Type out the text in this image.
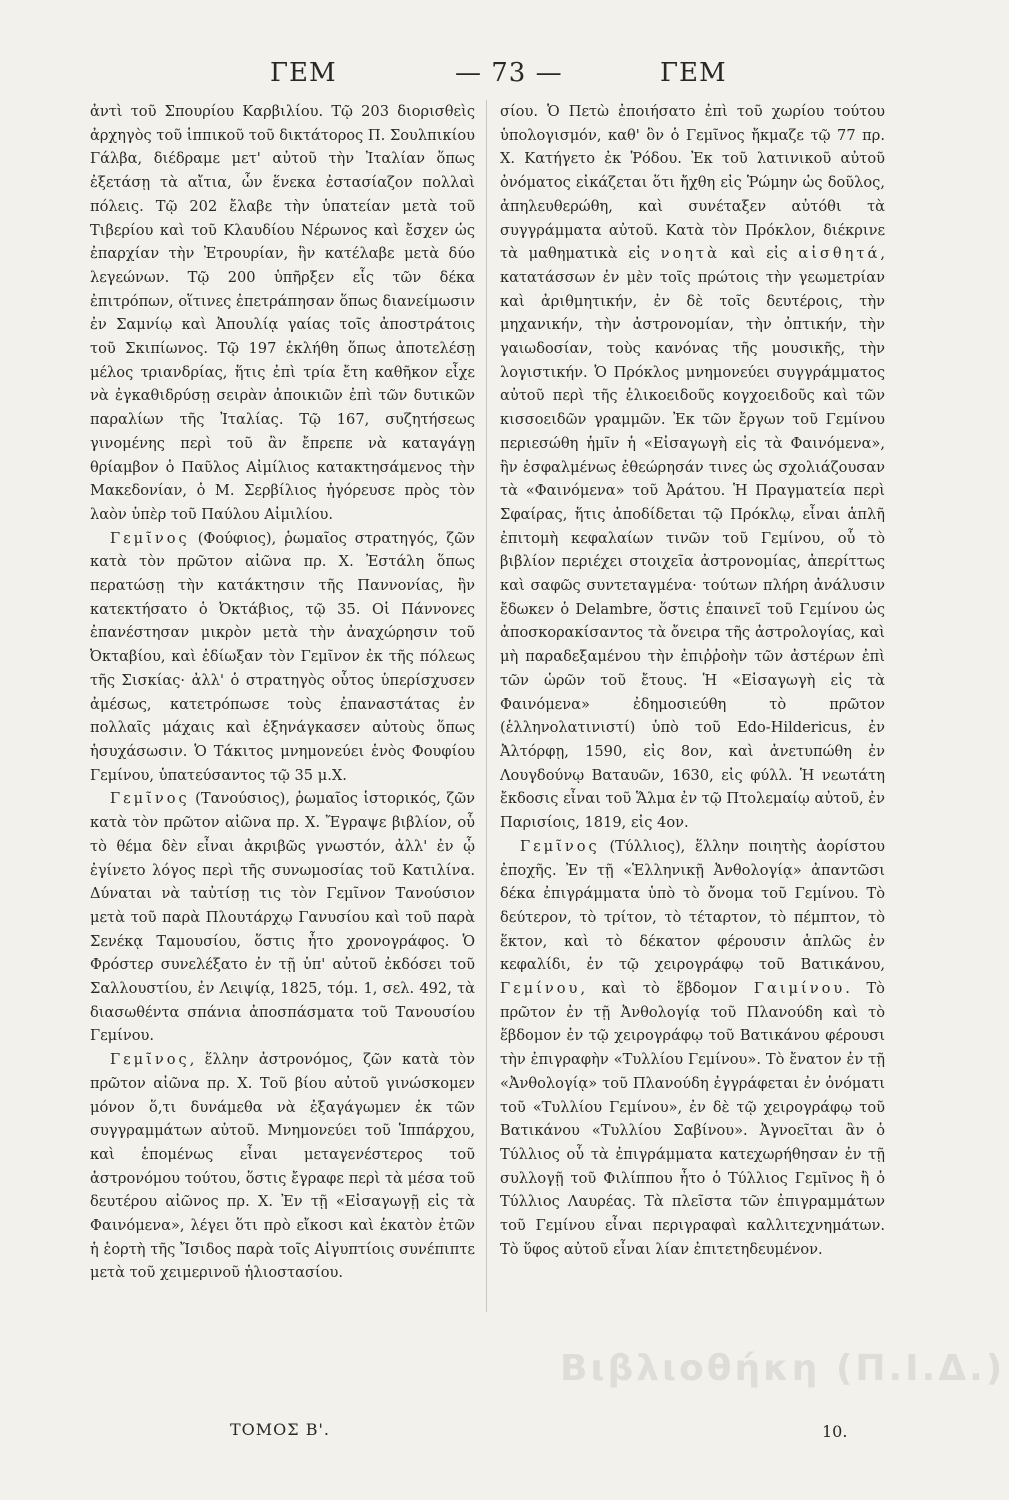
ΓΕΜ	— 73 —	ΓΕΜ

ἀντὶ τοῦ Σπουρίου Καρβιλίου. Τῷ 203 διορισθεὶς ἀρχηγὸς τοῦ ἱππικοῦ τοῦ δικτάτορος Π. Σουλπικίου Γάλβα, διέδραμε μετ' αὐτοῦ τὴν Ἰταλίαν ὅπως ἐξετάσῃ τὰ αἴτια, ὧν ἕνεκα ἐστασίαζον πολλαὶ πόλεις. Τῷ 202 ἔλαβε τὴν ὑπατείαν μετὰ τοῦ Τιβερίου καὶ τοῦ Κλαυδίου Νέρωνος καὶ ἔσχεν ὡς ἐπαρχίαν τὴν Ἐτρουρίαν, ἣν κατέλαβε μετὰ δύο λεγεώνων. Τῷ 200 ὑπῆρξεν εἷς τῶν δέκα ἐπιτρόπων, οἵτινες ἐπετράπησαν ὅπως διανείμωσιν ἐν Σαμνίῳ καὶ Ἀπουλίᾳ γαίας τοῖς ἀποστράτοις τοῦ Σκιπίωνος. Τῷ 197 ἐκλήθη ὅπως ἀποτελέσῃ μέλος τριανδρίας, ἥτις ἐπὶ τρία ἔτη καθῆκον εἶχε νὰ ἐγκαθιδρύσῃ σειρὰν ἀποικιῶν ἐπὶ τῶν δυτικῶν παραλίων τῆς Ἰταλίας. Τῷ 167, συζητήσεως γινομένης περὶ τοῦ ἂν ἔπρεπε νὰ καταγάγῃ θρίαμβον ὁ Παῦλος Αἰμίλιος κατακτησάμενος τὴν Μακεδονίαν, ὁ Μ. Σερβίλιος ἠγόρευσε πρὸς τὸν λαὸν ὑπὲρ τοῦ Παύλου Αἰμιλίου.

Γεμῖνος (Φούφιος), ῥωμαῖος στρατηγός, ζῶν κατὰ τὸν πρῶτον αἰῶνα πρ. Χ. Ἐστάλη ὅπως περατώσῃ τὴν κατάκτησιν τῆς Παννονίας, ἣν κατεκτήσατο ὁ Ὀκτάβιος, τῷ 35. Οἱ Πάννονες ἐπανέστησαν μικρὸν μετὰ τὴν ἀναχώρησιν τοῦ Ὀκταβίου, καὶ ἐδίωξαν τὸν Γεμῖνον ἐκ τῆς πόλεως τῆς Σισκίας· ἀλλ' ὁ στρατηγὸς οὗτος ὑπερίσχυσεν ἀμέσως, κατετρόπωσε τοὺς ἐπαναστάτας ἐν πολλαῖς μάχαις καὶ ἐξηνάγκασεν αὐτοὺς ὅπως ἡσυχάσωσιν. Ὁ Τάκιτος μνημονεύει ἑνὸς Φουφίου Γεμίνου, ὑπατεύσαντος τῷ 35 μ.Χ.

Γεμῖνος (Τανούσιος), ῥωμαῖος ἱστορικός, ζῶν κατὰ τὸν πρῶτον αἰῶνα πρ. Χ. Ἔγραψε βιβλίον, οὗ τὸ θέμα δὲν εἶναι ἀκριβῶς γνωστόν, ἀλλ' ἐν ᾧ ἐγίνετο λόγος περὶ τῆς συνωμοσίας τοῦ Κατιλίνα. Δύναται νὰ ταὐτίσῃ τις τὸν Γεμῖνον Τανούσιον μετὰ τοῦ παρὰ Πλουτάρχῳ Γανυσίου καὶ τοῦ παρὰ Σενέκᾳ Ταμουσίου, ὅστις ἦτο χρονογράφος. Ὁ Φρόστερ συνελέξατο ἐν τῇ ὑπ' αὐτοῦ ἐκδόσει τοῦ Σαλλουστίου, ἐν Λειψίᾳ, 1825, τόμ. 1, σελ. 492, τὰ διασωθέντα σπάνια ἀποσπάσματα τοῦ Τανουσίου Γεμίνου.

Γεμῖνος, ἕλλην ἀστρονόμος, ζῶν κατὰ τὸν πρῶτον αἰῶνα πρ. Χ. Τοῦ βίου αὐτοῦ γινώσκομεν μόνον ὅ,τι δυνάμεθα νὰ ἐξαγάγωμεν ἐκ τῶν συγγραμμάτων αὐτοῦ. Μνημονεύει τοῦ Ἱππάρχου, καὶ ἑπομένως εἶναι μεταγενέστερος τοῦ ἀστρονόμου τούτου, ὅστις ἔγραφε περὶ τὰ μέσα τοῦ δευτέρου αἰῶνος πρ. Χ. Ἐν τῇ «Εἰσαγωγῇ εἰς τὰ Φαινόμενα», λέγει ὅτι πρὸ εἴκοσι καὶ ἑκατὸν ἐτῶν ἡ ἑορτὴ τῆς Ἴσιδος παρὰ τοῖς Αἰγυπτίοις συνέπιπτε μετὰ τοῦ χειμερινοῦ ἡλιοστασίου.

σίου. Ὁ Πετὼ ἐποιήσατο ἐπὶ τοῦ χωρίου τούτου ὑπολογισμόν, καθ' ὃν ὁ Γεμῖνος ἤκμαζε τῷ 77 πρ. Χ. Κατήγετο ἐκ Ῥόδου. Ἐκ τοῦ λατινικοῦ αὐτοῦ ὀνόματος εἰκάζεται ὅτι ἤχθη εἰς Ῥώμην ὡς δοῦλος, ἀπηλευθερώθη, καὶ συνέταξεν αὐτόθι τὰ συγγράμματα αὐτοῦ. Κατὰ τὸν Πρόκλον, διέκρινε τὰ μαθηματικὰ εἰς νοητὰ καὶ εἰς αἰσθητά, κατατάσσων ἐν μὲν τοῖς πρώτοις τὴν γεωμετρίαν καὶ ἀριθμητικήν, ἐν δὲ τοῖς δευτέροις, τὴν μηχανικήν, τὴν ἀστρονομίαν, τὴν ὀπτικήν, τὴν γαιωδοσίαν, τοὺς κανόνας τῆς μουσικῆς, τὴν λογιστικήν. Ὁ Πρόκλος μνημονεύει συγγράμματος αὐτοῦ περὶ τῆς ἑλικοειδοῦς κογχοειδοῦς καὶ τῶν κισσοειδῶν γραμμῶν. Ἐκ τῶν ἔργων τοῦ Γεμίνου περιεσώθη ἡμῖν ἡ «Εἰσαγωγὴ εἰς τὰ Φαινόμενα», ἣν ἐσφαλμένως ἐθεώρησάν τινες ὡς σχολιάζουσαν τὰ «Φαινόμενα» τοῦ Ἀράτου. Ἡ Πραγματεία περὶ Σφαίρας, ἥτις ἀποδίδεται τῷ Πρόκλῳ, εἶναι ἁπλῆ ἐπιτομὴ κεφαλαίων τινῶν τοῦ Γεμίνου, οὗ τὸ βιβλίον περιέχει στοιχεῖα ἀστρονομίας, ἀπερίττως καὶ σαφῶς συντεταγμένα· τούτων πλήρη ἀνάλυσιν ἔδωκεν ὁ Delambre, ὅστις ἐπαινεῖ τοῦ Γεμίνου ὡς ἀποσκορακίσαντος τὰ ὄνειρα τῆς ἀστρολογίας, καὶ μὴ παραδεξαμένου τὴν ἐπιῤῥοὴν τῶν ἀστέρων ἐπὶ τῶν ὡρῶν τοῦ ἔτους. Ἡ «Εἰσαγωγὴ εἰς τὰ Φαινόμενα» ἐδημοσιεύθη τὸ πρῶτον (ἑλληνολατινιστί) ὑπὸ τοῦ Edo-Hildericus, ἐν Ἀλτόρφῃ, 1590, εἰς 8ον, καὶ ἀνετυπώθη ἐν Λουγδούνῳ Βαταυῶν, 1630, εἰς φύλλ. Ἡ νεωτάτη ἔκδοσις εἶναι τοῦ Ἅλμα ἐν τῷ Πτολεμαίῳ αὐτοῦ, ἐν Παρισίοις, 1819, εἰς 4ον.

Γεμῖνος (Τύλλιος), ἕλλην ποιητὴς ἀορίστου ἐποχῆς. Ἐν τῇ «Ἑλληνικῇ Ἀνθολογίᾳ» ἀπαντῶσι δέκα ἐπιγράμματα ὑπὸ τὸ ὄνομα τοῦ Γεμίνου. Τὸ δεύτερον, τὸ τρίτον, τὸ τέταρτον, τὸ πέμπτον, τὸ ἕκτον, καὶ τὸ δέκατον φέρουσιν ἁπλῶς ἐν κεφαλίδι, ἐν τῷ χειρογράφῳ τοῦ Βατικάνου, Γεμίνου, καὶ τὸ ἕβδομον Γαιμίνου. Τὸ πρῶτον ἐν τῇ Ἀνθολογίᾳ τοῦ Πλανούδη καὶ τὸ ἕβδομον ἐν τῷ χειρογράφῳ τοῦ Βατικάνου φέρουσι τὴν ἐπιγραφὴν «Τυλλίου Γεμίνου». Τὸ ἔνατον ἐν τῇ «Ἀνθολογίᾳ» τοῦ Πλανούδη ἐγγράφεται ἐν ὀνόματι τοῦ «Τυλλίου Γεμίνου», ἐν δὲ τῷ χειρογράφῳ τοῦ Βατικάνου «Τυλλίου Σαβίνου». Ἀγνοεῖται ἂν ὁ Τύλλιος οὗ τὰ ἐπιγράμματα κατεχωρήθησαν ἐν τῇ συλλογῇ τοῦ Φιλίππου ἦτο ὁ Τύλλιος Γεμῖνος ἢ ὁ Τύλλιος Λαυρέας. Τὰ πλεῖστα τῶν ἐπιγραμμάτων τοῦ Γεμίνου εἶναι περιγραφαὶ καλλιτεχνημάτων. Τὸ ὕφος αὐτοῦ εἶναι λίαν ἐπιτετηδευμένον.

Βιβλιοθήκη (Π.Ι.Δ.)
ΤΟΜΟΣ Β'.	10.
